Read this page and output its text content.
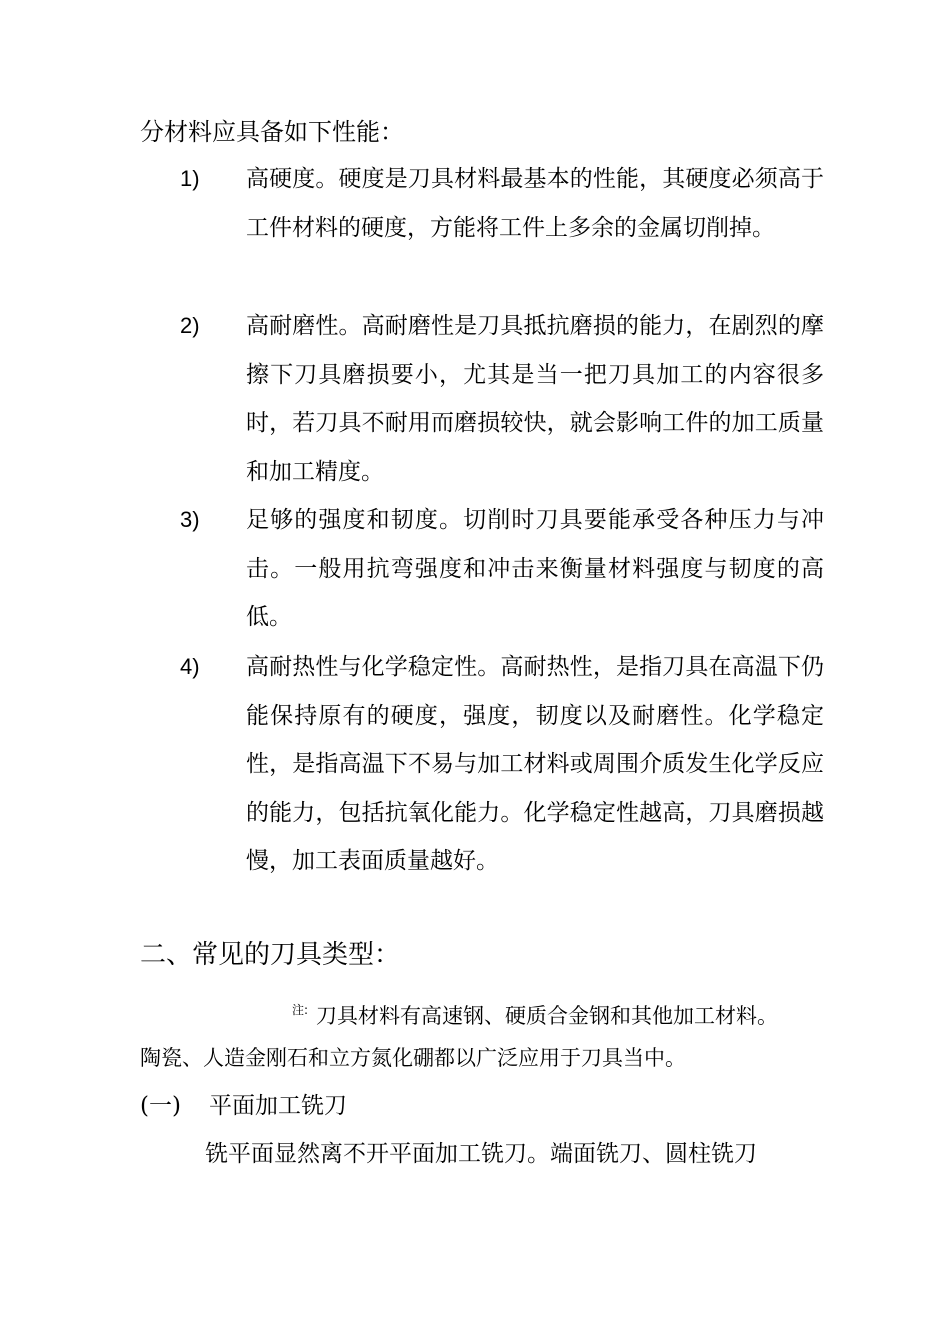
分材料应具备如下性能：
1) 高硬度。硬度是刀具材料最基本的性能，其硬度必须高于工件材料的硬度，方能将工件上多余的金属切削掉。
2) 高耐磨性。高耐磨性是刀具抵抗磨损的能力，在剧烈的摩擦下刀具磨损要小，尤其是当一把刀具加工的内容很多时，若刀具不耐用而磨损较快，就会影响工件的加工质量和加工精度。
3) 足够的强度和韧度。切削时刀具要能承受各种压力与冲击。一般用抗弯强度和冲击来衡量材料强度与韧度的高低。
4) 高耐热性与化学稳定性。高耐热性，是指刀具在高温下仍能保持原有的硬度，强度，韧度以及耐磨性。化学稳定性，是指高温下不易与加工材料或周围介质发生化学反应的能力，包括抗氧化能力。化学稳定性越高，刀具磨损越慢，加工表面质量越好。
二、常见的刀具类型：
$^{注:}$ 刀具材料有高速钢、硬质合金钢和其他加工材料。
陶瓷、人造金刚石和立方氮化硼都以广泛应用于刀具当中。
(一) 平面加工铣刀
铣平面显然离不开平面加工铣刀。端面铣刀、圆柱铣刀
